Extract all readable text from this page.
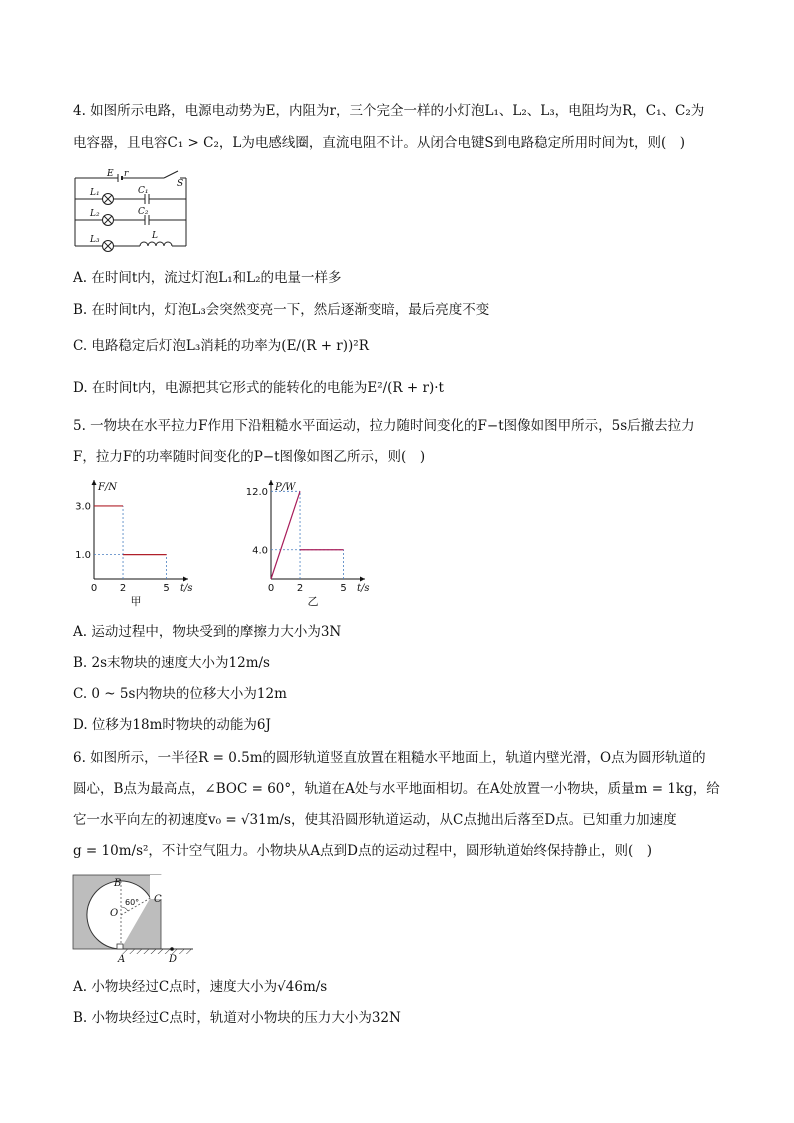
4. 如图所示电路，电源电动势为E，内阻为r，三个完全一样的小灯泡L₁、L₂、L₃，电阻均为R，C₁、C₂为
电容器，且电容C₁ > C₂，L为电感线圈，直流电阻不计。从闭合电键S到电路稳定所用时间为t，则(　)
E r
S
L₁	C₁
L₂	C₂
L₃	L
A. 在时间t内，流过灯泡L₁和L₂的电量一样多
B. 在时间t内，灯泡L₃会突然变亮一下，然后逐渐变暗，最后亮度不变
C. 电路稳定后灯泡L₃消耗的功率为(E/(R + r))²R
D. 在时间t内，电源把其它形式的能转化的电能为E²/(R + r)·t
5. 一物块在水平拉力F作用下沿粗糙水平面运动，拉力随时间变化的F−t图像如图甲所示，5s后撤去拉力
F，拉力F的功率随时间变化的P−t图像如图乙所示，则(　)
0 2	5
1.0
3.0
F/N
t/s
甲
0 2	5
4.0
12.0 P/W
t/s
乙
A. 运动过程中，物块受到的摩擦力大小为3N
B. 2s末物块的速度大小为12m/s
C. 0 ~ 5s内物块的位移大小为12m
D. 位移为18m时物块的动能为6J
6. 如图所示，一半径R = 0.5m的圆形轨道竖直放置在粗糙水平地面上，轨道内壁光滑，O点为圆形轨道的
圆心，B点为最高点，∠BOC = 60°，轨道在A处与水平地面相切。在A处放置一小物块，质量m = 1kg，给
它一水平向左的初速度v₀ = √31m/s，使其沿圆形轨道运动，从C点抛出后落至D点。已知重力加速度
g = 10m/s²，不计空气阻力。小物块从A点到D点的运动过程中，圆形轨道始终保持静止，则(　)
B
O
C
A	D
60°
A. 小物块经过C点时，速度大小为√46m/s
B. 小物块经过C点时，轨道对小物块的压力大小为32N
